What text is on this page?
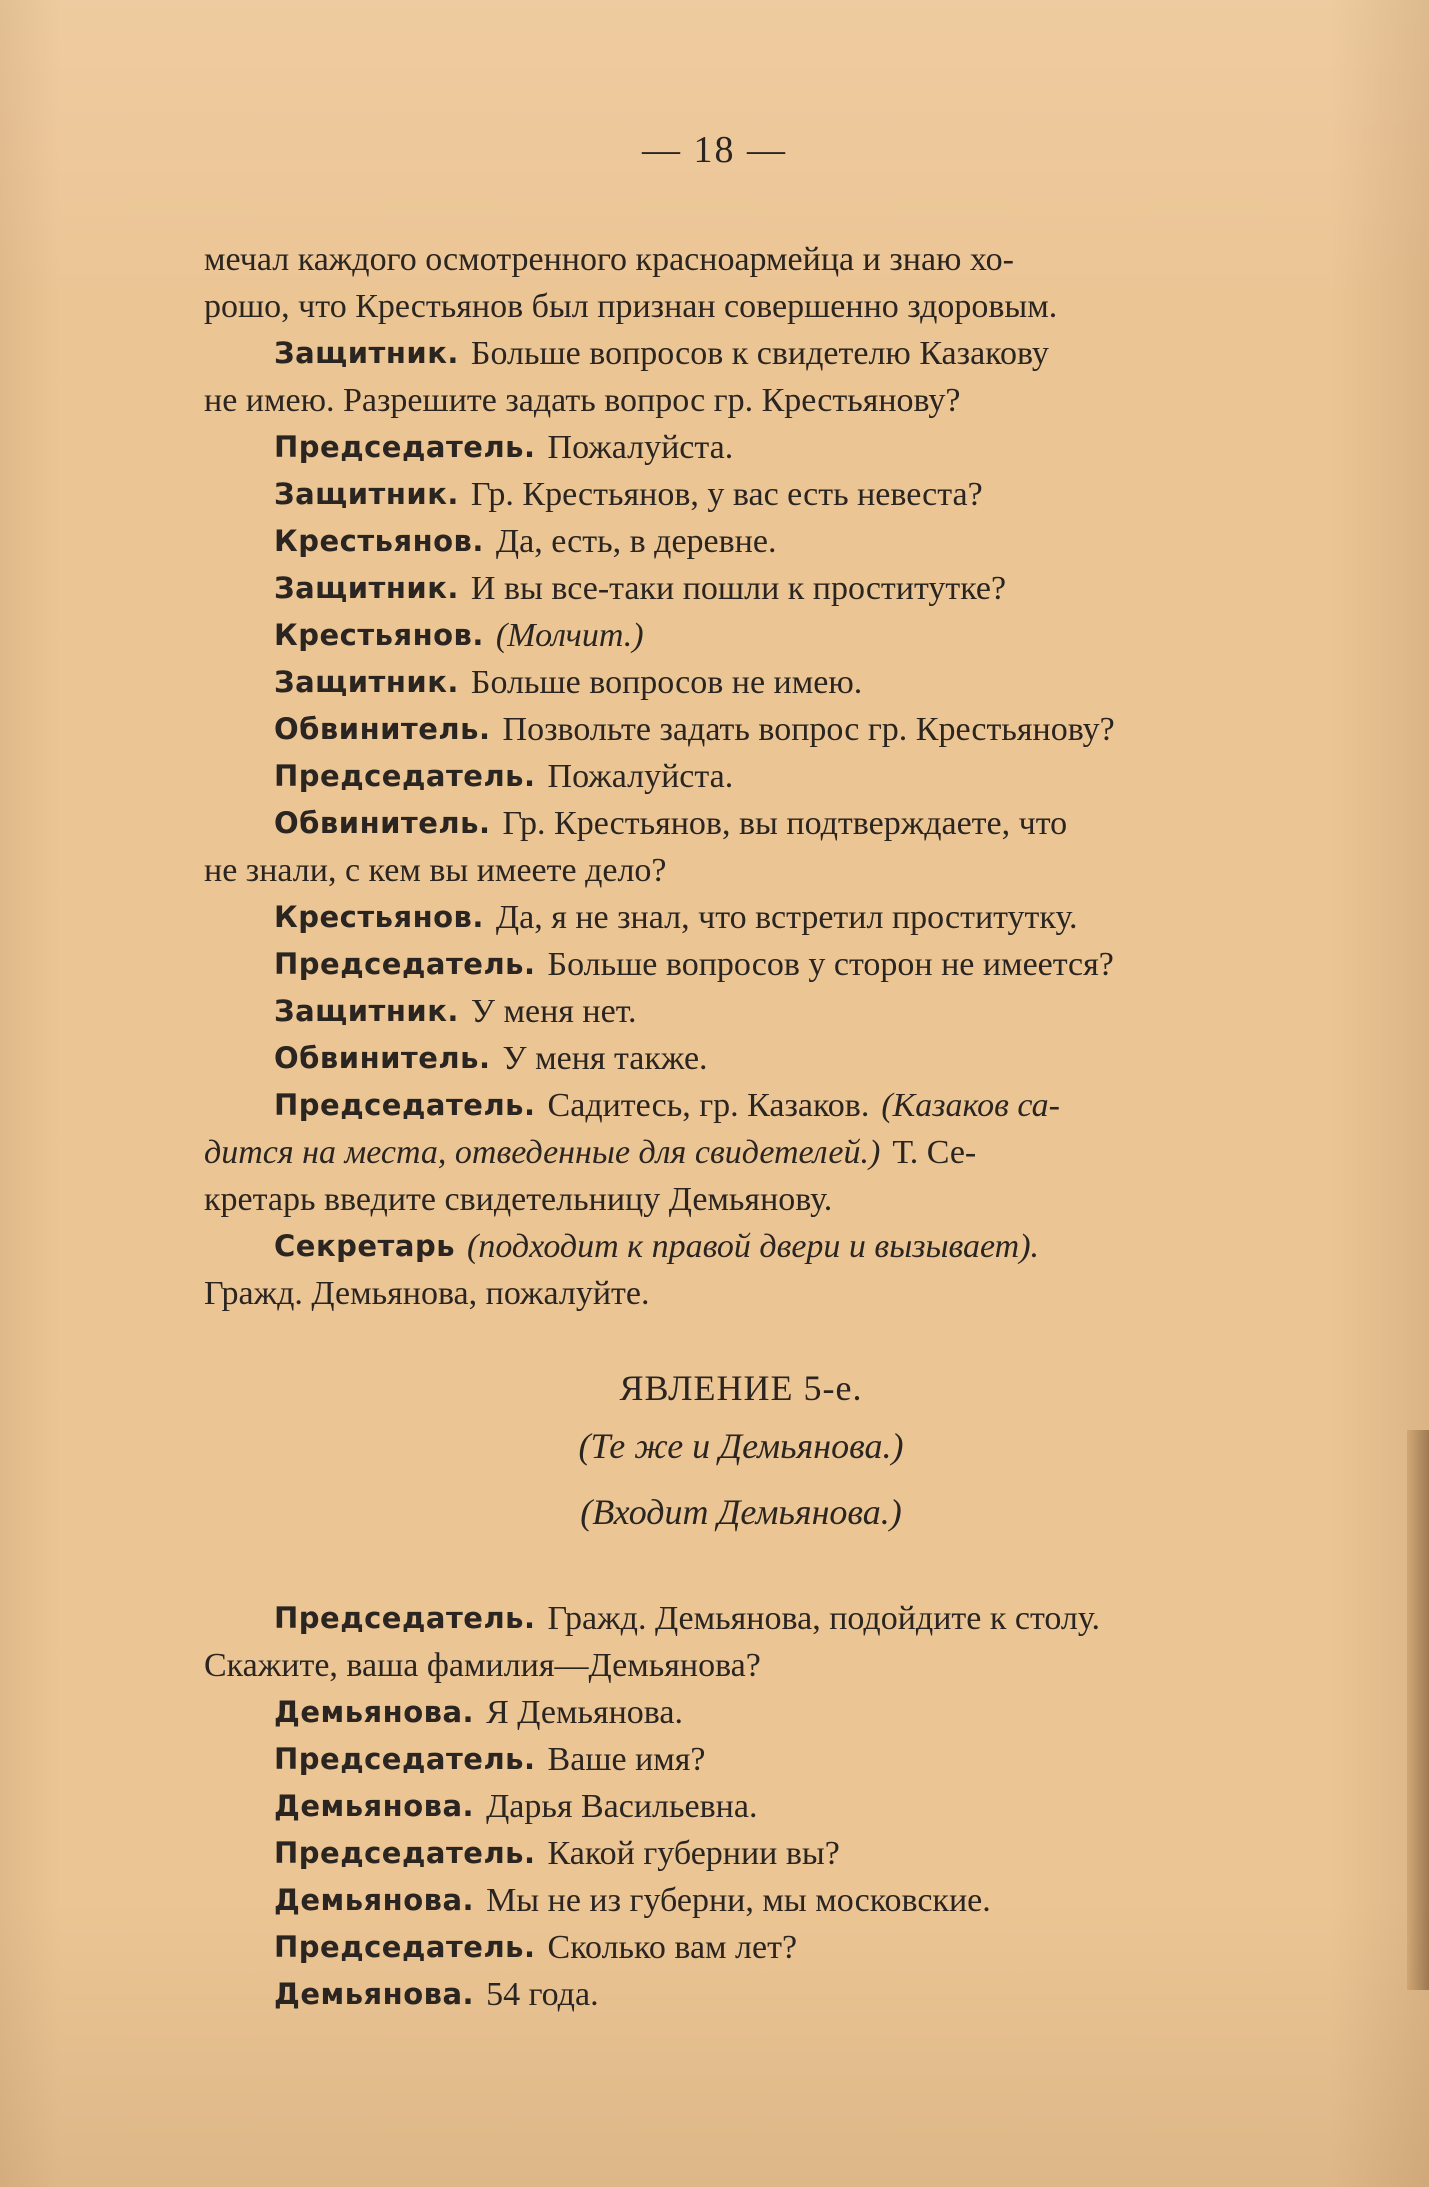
— 18 —
мечал каждого осмотренного красноармейца и знаю хо-
рошо, что Крестьянов был признан совершенно здоровым.
Защитник. Больше вопросов к свидетелю Казакову
не имею. Разрешите задать вопрос гр. Крестьянову?
Председатель. Пожалуйста.
Защитник. Гр. Крестьянов, у вас есть невеста?
Крестьянов. Да, есть, в деревне.
Защитник. И вы все-таки пошли к проститутке?
Крестьянов. (Молчит.)
Защитник. Больше вопросов не имею.
Обвинитель. Позвольте задать вопрос гр. Крестьянову?
Председатель. Пожалуйста.
Обвинитель. Гр. Крестьянов, вы подтверждаете, что
не знали, с кем вы имеете дело?
Крестьянов. Да, я не знал, что встретил проститутку.
Председатель. Больше вопросов у сторон не имеется?
Защитник. У меня нет.
Обвинитель. У меня также.
Председатель. Садитесь, гр. Казаков. (Казаков са-
дится на места, отведенные для свидетелей.) Т. Се-
кретарь введите свидетельницу Демьянову.
Секретарь (подходит к правой двери и вызывает).
Гражд. Демьянова, пожалуйте.
ЯВЛЕНИЕ 5-е.
(Те же и Демьянова.)
(Входит Демьянова.)
Председатель. Гражд. Демьянова, подойдите к столу.
Скажите, ваша фамилия—Демьянова?
Демьянова. Я Демьянова.
Председатель. Ваше имя?
Демьянова. Дарья Васильевна.
Председатель. Какой губернии вы?
Демьянова. Мы не из губерни, мы московские.
Председатель. Сколько вам лет?
Демьянова. 54 года.
